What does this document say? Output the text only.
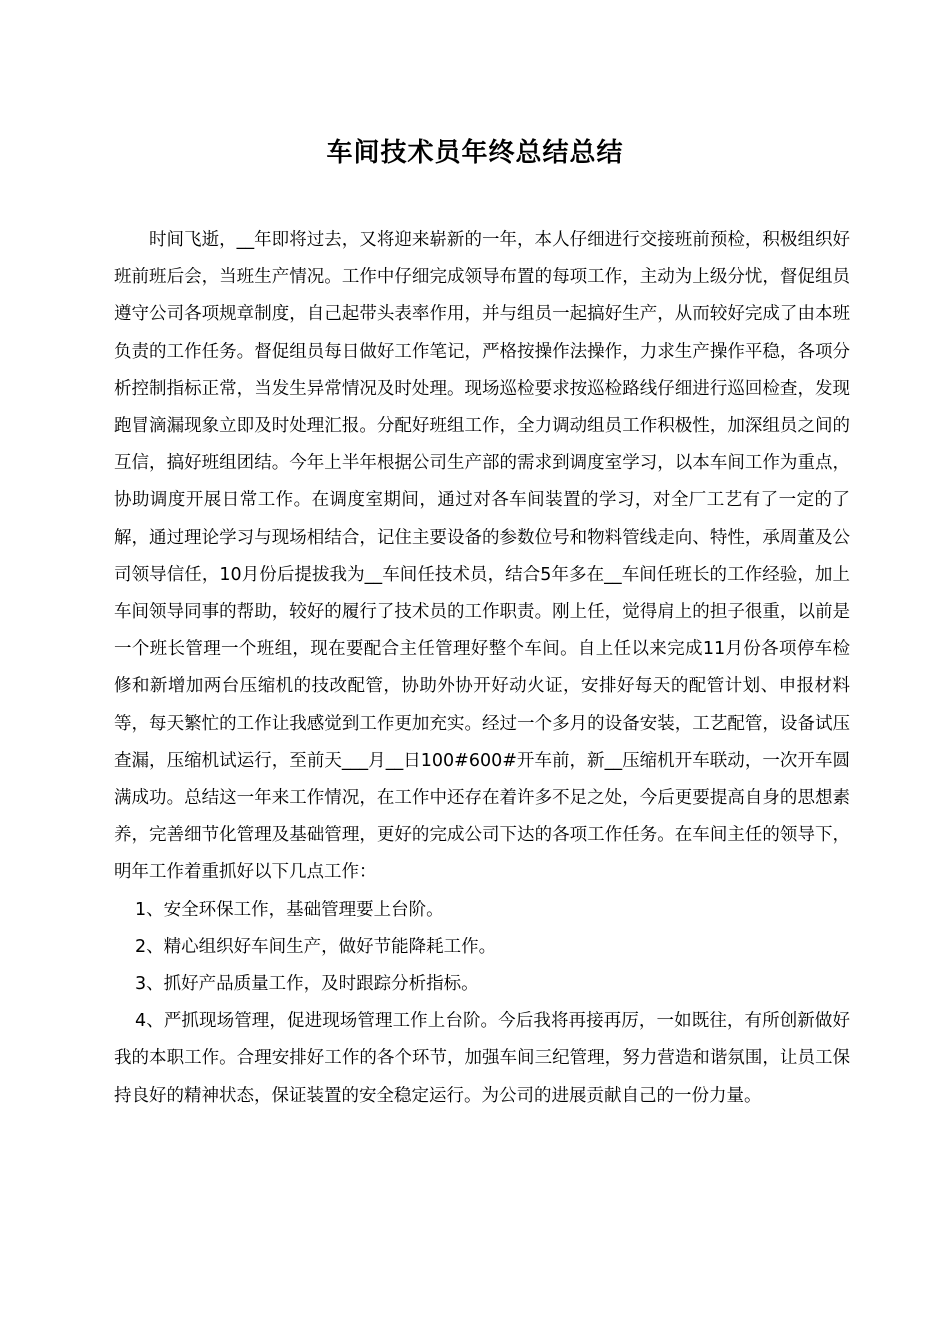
车间技术员年终总结总结

时间飞逝，__年即将过去，又将迎来崭新的一年，本人仔细进行交接班前预检，积极组织好班前班后会，当班生产情况。工作中仔细完成领导布置的每项工作，主动为上级分忧，督促组员遵守公司各项规章制度，自己起带头表率作用，并与组员一起搞好生产，从而较好完成了由本班负责的工作任务。督促组员每日做好工作笔记，严格按操作法操作，力求生产操作平稳，各项分析控制指标正常，当发生异常情况及时处理。现场巡检要求按巡检路线仔细进行巡回检查，发现跑冒滴漏现象立即及时处理汇报。分配好班组工作，全力调动组员工作积极性，加深组员之间的互信，搞好班组团结。今年上半年根据公司生产部的需求到调度室学习，以本车间工作为重点，协助调度开展日常工作。在调度室期间，通过对各车间装置的学习，对全厂工艺有了一定的了解，通过理论学习与现场相结合，记住主要设备的参数位号和物料管线走向、特性，承周董及公司领导信任，10月份后提拔我为__车间任技术员，结合5年多在__车间任班长的工作经验，加上车间领导同事的帮助，较好的履行了技术员的工作职责。刚上任，觉得肩上的担子很重，以前是一个班长管理一个班组，现在要配合主任管理好整个车间。自上任以来完成11月份各项停车检修和新增加两台压缩机的技改配管，协助外协开好动火证，安排好每天的配管计划、申报材料等，每天繁忙的工作让我感觉到工作更加充实。经过一个多月的设备安装，工艺配管，设备试压查漏，压缩机试运行，至前天___月__日100#600#开车前，新__压缩机开车联动，一次开车圆满成功。总结这一年来工作情况，在工作中还存在着许多不足之处，今后更要提高自身的思想素养，完善细节化管理及基础管理，更好的完成公司下达的各项工作任务。在车间主任的领导下，明年工作着重抓好以下几点工作：

1、安全环保工作，基础管理要上台阶。

2、精心组织好车间生产，做好节能降耗工作。

3、抓好产品质量工作，及时跟踪分析指标。

4、严抓现场管理，促进现场管理工作上台阶。今后我将再接再厉，一如既往，有所创新做好我的本职工作。合理安排好工作的各个环节，加强车间三纪管理，努力营造和谐氛围，让员工保持良好的精神状态，保证装置的安全稳定运行。为公司的进展贡献自己的一份力量。
